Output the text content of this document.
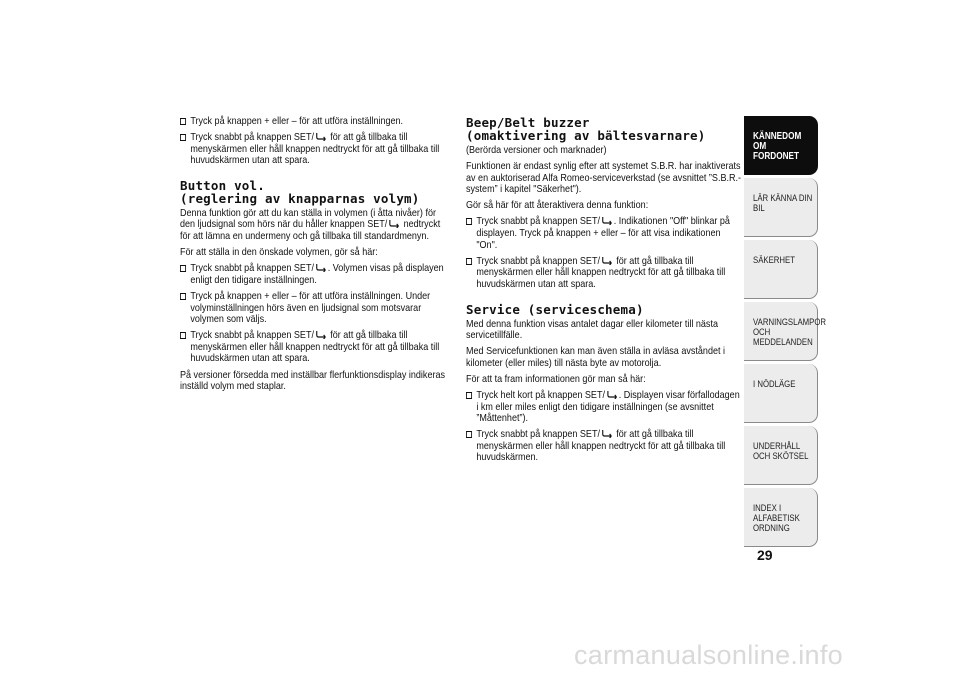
Tryck på knappen + eller – för att utföra inställningen.
Tryck snabbt på knappen SET/ för att gå tillbaka till menyskärmen eller håll knappen nedtryckt för att gå tillbaka till huvudskärmen utan att spara.
Button vol.
(reglering av knapparnas volym)
Denna funktion gör att du kan ställa in volymen (i åtta nivåer) för den ljudsignal som hörs när du håller knappen SET/ nedtryckt för att lämna en undermeny och gå tillbaka till standardmenyn.
För att ställa in den önskade volymen, gör så här:
Tryck snabbt på knappen SET/ . Volymen visas på displayen enligt den tidigare inställningen.
Tryck på knappen + eller – för att utföra inställningen. Under volyminställningen hörs även en ljudsignal som motsvarar volymen som väljs.
Tryck snabbt på knappen SET/ för att gå tillbaka till menyskärmen eller håll knappen nedtryckt för att gå tillbaka till huvudskärmen utan att spara.
På versioner försedda med inställbar flerfunktionsdisplay indikeras inställd volym med staplar.
Beep/Belt buzzer
(omaktivering av bältesvarnare)
(Berörda versioner och marknader)
Funktionen är endast synlig efter att systemet S.B.R. har inaktiverats av en auktoriserad Alfa Romeo-serviceverkstad (se avsnittet ”S.B.R.-system” i kapitel "Säkerhet").
Gör så här för att återaktivera denna funktion:
Tryck snabbt på knappen SET/ . Indikationen "Off" blinkar på displayen. Tryck på knappen + eller – för att visa indikationen "On".
Tryck snabbt på knappen SET/ för att gå tillbaka till menyskärmen eller håll knappen nedtryckt för att gå tillbaka till huvudskärmen utan att spara.
Service (serviceschema)
Med denna funktion visas antalet dagar eller kilometer till nästa servicetillfälle.
Med Servicefunktionen kan man även ställa in avläsa avståndet i kilometer (eller miles) till nästa byte av motorolja.
För att ta fram informationen gör man så här:
Tryck helt kort på knappen SET/ . Displayen visar förfallodagen i km eller miles enligt den tidigare inställningen (se avsnittet ”Måttenhet”).
Tryck snabbt på knappen SET/ för att gå tillbaka till menyskärmen eller håll knappen nedtryckt för att gå tillbaka till huvudskärmen.
KÄNNEDOM OM FORDONET
LÄR KÄNNA DIN BIL
SÄKERHET
VARNINGSLAMPOR OCH MEDDELANDEN
I NÖDLÄGE
UNDERHÅLL OCH SKÖTSEL
INDEX I ALFABETISK ORDNING
29
carmanualsonline.info
